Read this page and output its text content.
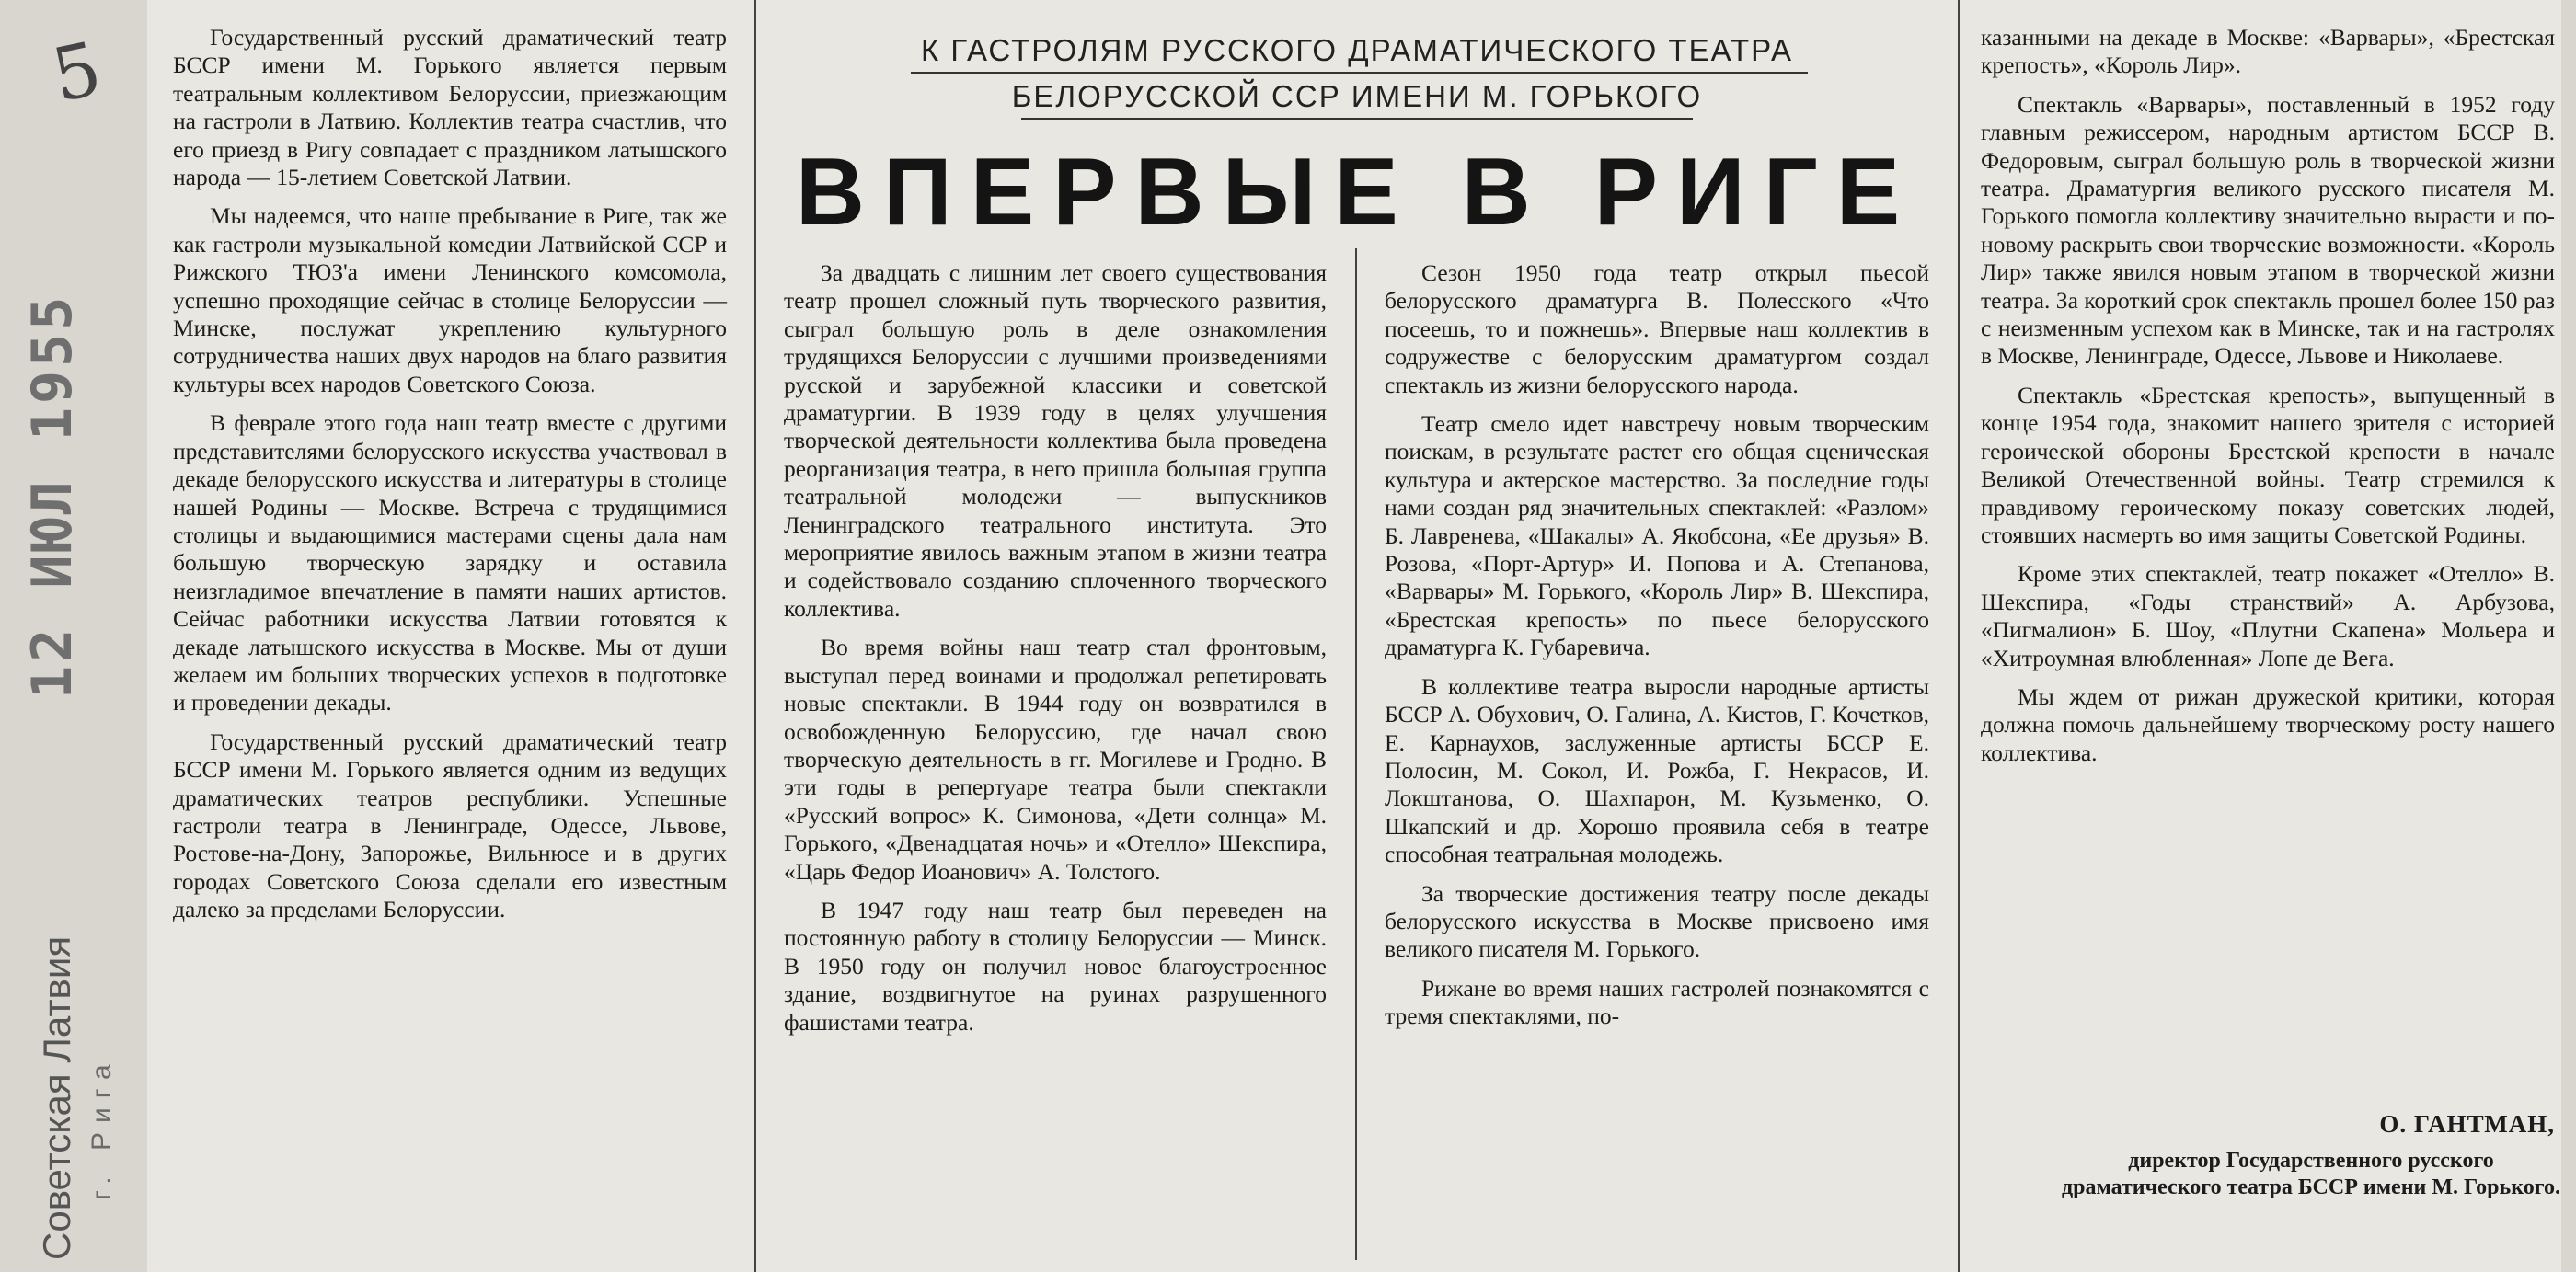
5
12 ИЮЛ 1955
Советская Латвия г. Рига
К ГАСТРОЛЯМ РУССКОГО ДРАМАТИЧЕСКОГО ТЕАТРА
БЕЛОРУССКОЙ ССР ИМЕНИ М. ГОРЬКОГО
ВПЕРВЫЕ В РИГЕ

Государственный русский драматический театр БССР имени М. Горького является первым театральным коллективом Белоруссии, приезжающим на гастроли в Латвию. Коллектив театра счастлив, что его приезд в Ригу совпадает с праздником латышского народа — 15-летием Советской Латвии.

Мы надеемся, что наше пребывание в Риге, так же как гастроли музыкальной комедии Латвийской ССР и Рижского ТЮЗ'а имени Ленинского комсомола, успешно проходящие сейчас в столице Белоруссии — Минске, послужат укреплению культурного сотрудничества наших двух народов на благо развития культуры всех народов Советского Союза.

В феврале этого года наш театр вместе с другими представителями белорусского искусства участвовал в декаде белорусского искусства и литературы в столице нашей Родины — Москве. Встреча с трудящимися столицы и выдающимися мастерами сцены дала нам большую творческую зарядку и оставила неизгладимое впечатление в памяти наших артистов. Сейчас работники искусства Латвии готовятся к декаде латышского искусства в Москве. Мы от души желаем им больших творческих успехов в подготовке и проведении декады.

Государственный русский драматический театр БССР имени М. Горького является одним из ведущих драматических театров республики. Успешные гастроли театра в Ленинграде, Одессе, Львове, Ростове-на-Дону, Запорожье, Вильнюсе и в других городах Советского Союза сделали его известным далеко за пределами Белоруссии.

За двадцать с лишним лет своего существования театр прошел сложный путь творческого развития, сыграл большую роль в деле ознакомления трудящихся Белоруссии с лучшими произведениями русской и зарубежной классики и советской драматургии. В 1939 году в целях улучшения творческой деятельности коллектива была проведена реорганизация театра, в него пришла большая группа театральной молодежи — выпускников Ленинградского театрального института. Это мероприятие явилось важным этапом в жизни театра и содействовало созданию сплоченного творческого коллектива.

Во время войны наш театр стал фронтовым, выступал перед воинами и продолжал репетировать новые спектакли. В 1944 году он возвратился в освобожденную Белоруссию, где начал свою творческую деятельность в гг. Могилеве и Гродно. В эти годы в репертуаре театра были спектакли «Русский вопрос» К. Симонова, «Дети солнца» М. Горького, «Двенадцатая ночь» и «Отелло» Шекспира, «Царь Федор Иоанович» А. Толстого.

В 1947 году наш театр был переведен на постоянную работу в столицу Белоруссии — Минск. В 1950 году он получил новое благоустроенное здание, воздвигнутое на руинах разрушенного фашистами театра.

Сезон 1950 года театр открыл пьесой белорусского драматурга В. Полесского «Что посеешь, то и пожнешь». Впервые наш коллектив в содружестве с белорусским драматургом создал спектакль из жизни белорусского народа.

Театр смело идет навстречу новым творческим поискам, в результате растет его общая сценическая культура и актерское мастерство. За последние годы нами создан ряд значительных спектаклей: «Разлом» Б. Лавренева, «Шакалы» А. Якобсона, «Ее друзья» В. Розова, «Порт-Артур» И. Попова и А. Степанова, «Варвары» М. Горького, «Король Лир» В. Шекспира, «Брестская крепость» по пьесе белорусского драматурга К. Губаревича.

В коллективе театра выросли народные артисты БССР А. Обухович, О. Галина, А. Кистов, Г. Кочетков, Е. Карнаухов, заслуженные артисты БССР Е. Полосин, М. Сокол, И. Рожба, Г. Некрасов, И. Локштанова, О. Шахпарон, М. Кузьменко, О. Шкапский и др. Хорошо проявила себя в театре способная театральная молодежь.

За творческие достижения театру после декады белорусского искусства в Москве присвоено имя великого писателя М. Горького.

Рижане во время наших гастролей познакомятся с тремя спектаклями, по-

казанными на декаде в Москве: «Варвары», «Брестская крепость», «Король Лир».

Спектакль «Варвары», поставленный в 1952 году главным режиссером, народным артистом БССР В. Федоровым, сыграл большую роль в творческой жизни театра. Драматургия великого русского писателя М. Горького помогла коллективу значительно вырасти и по-новому раскрыть свои творческие возможности. «Король Лир» также явился новым этапом в творческой жизни театра. За короткий срок спектакль прошел более 150 раз с неизменным успехом как в Минске, так и на гастролях в Москве, Ленинграде, Одессе, Львове и Николаеве.

Спектакль «Брестская крепость», выпущенный в конце 1954 года, знакомит нашего зрителя с историей героической обороны Брестской крепости в начале Великой Отечественной войны. Театр стремился к правдивому героическому показу советских людей, стоявших насмерть во имя защиты Советской Родины.

Кроме этих спектаклей, театр покажет «Отелло» В. Шекспира, «Годы странствий» А. Арбузова, «Пигмалион» Б. Шоу, «Плутни Скапена» Мольера и «Хитроумная влюбленная» Лопе де Вега.

Мы ждем от рижан дружеской критики, которая должна помочь дальнейшему творческому росту нашего коллектива.

О. ГАНТМАН,
директор Государственного русского драматического театра БССР имени М. Горького.
